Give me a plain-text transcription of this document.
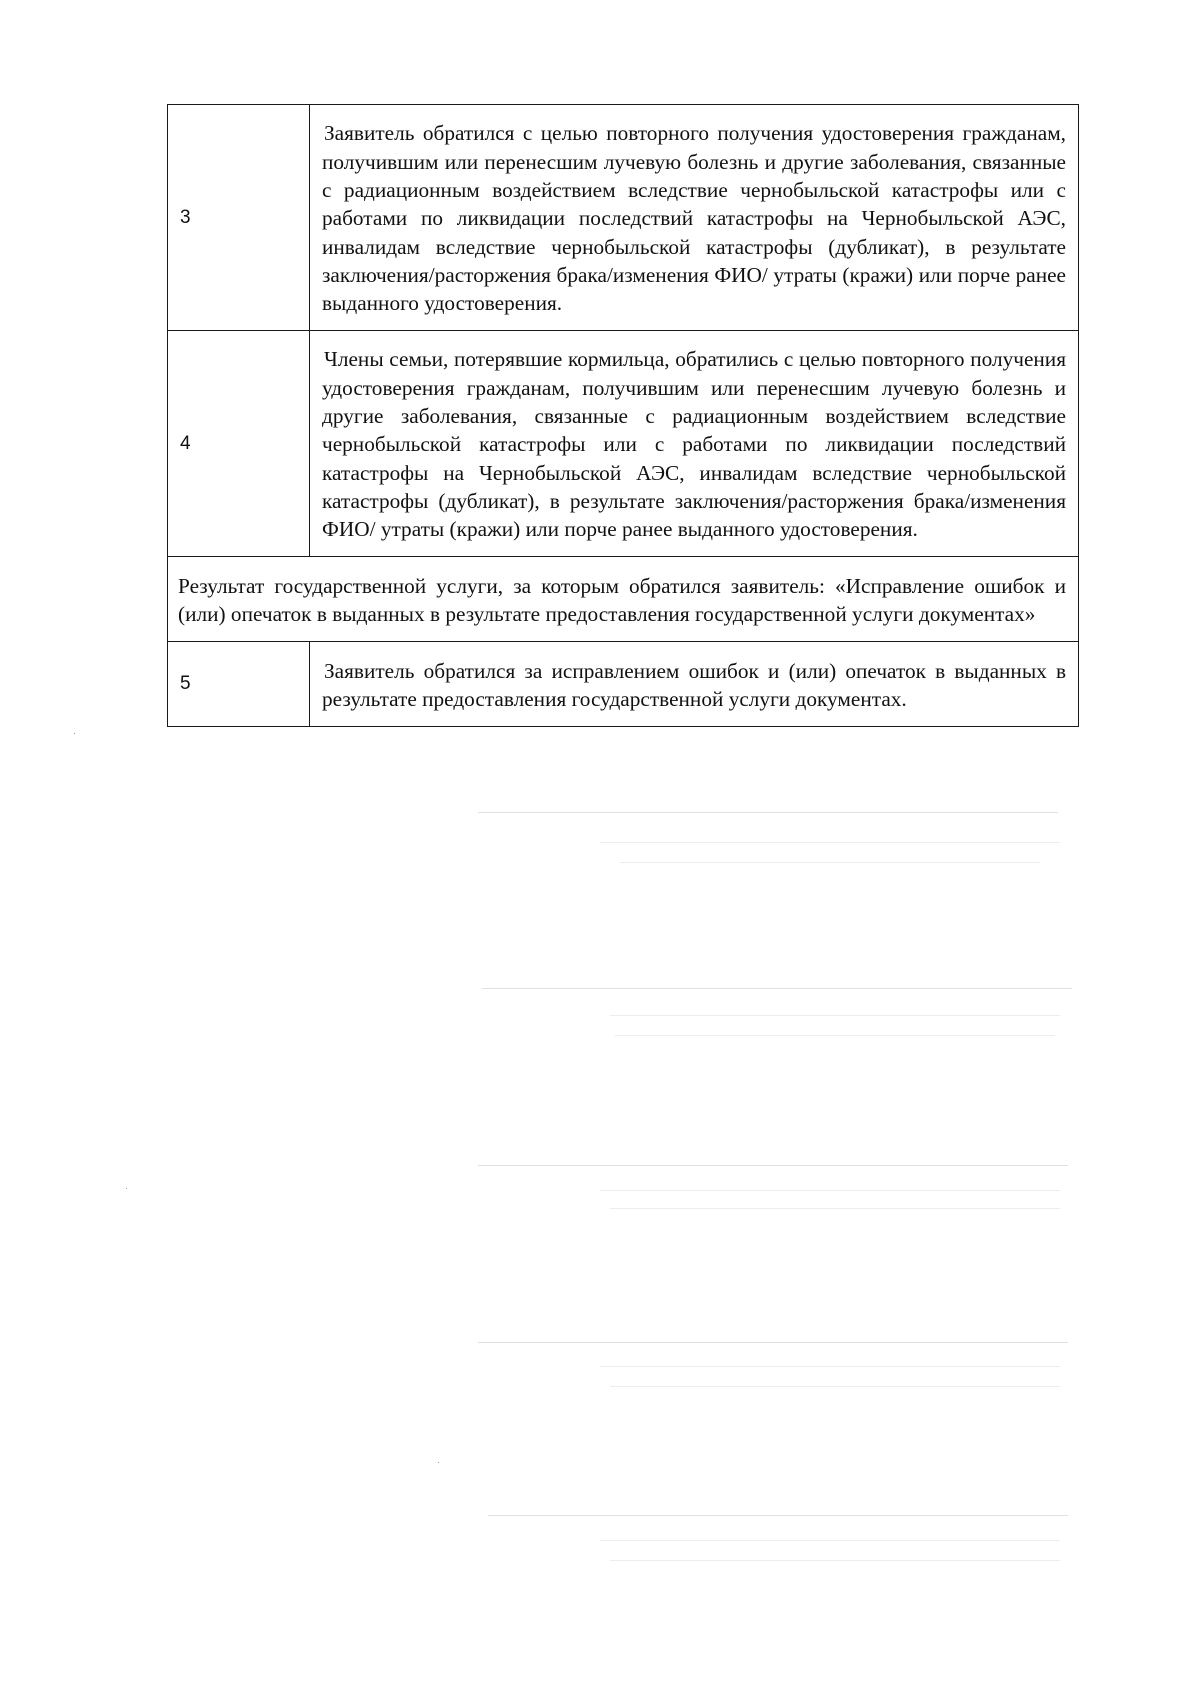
3	Заявитель обратился с целью повторного получения удостоверения гражданам, получившим или перенесшим лучевую болезнь и другие заболевания, связанные с радиационным воздействием вследствие чернобыльской катастрофы или с работами по ликвидации последствий катастрофы на Чернобыльской АЭС, инвалидам вследствие чернобыльской катастрофы (дубликат), в результате заключения/расторжения брака/изменения ФИО/ утраты (кражи) или порче ранее выданного удостоверения.
4	Члены семьи, потерявшие кормильца, обратились с целью повторного получения удостоверения гражданам, получившим или перенесшим лучевую болезнь и другие заболевания, связанные с радиационным воздействием вследствие чернобыльской катастрофы или с работами по ликвидации последствий катастрофы на Чернобыльской АЭС, инвалидам вследствие чернобыльской катастрофы (дубликат), в результате заключения/расторжения брака/изменения ФИО/ утраты (кражи) или порче ранее выданного удостоверения.
Результат государственной услуги, за которым обратился заявитель: «Исправление ошибок и (или) опечаток в выданных в результате предоставления государственной услуги документах»	
5	Заявитель обратился за исправлением ошибок и (или) опечаток в выданных в результате предоставления государственной услуги документах.
